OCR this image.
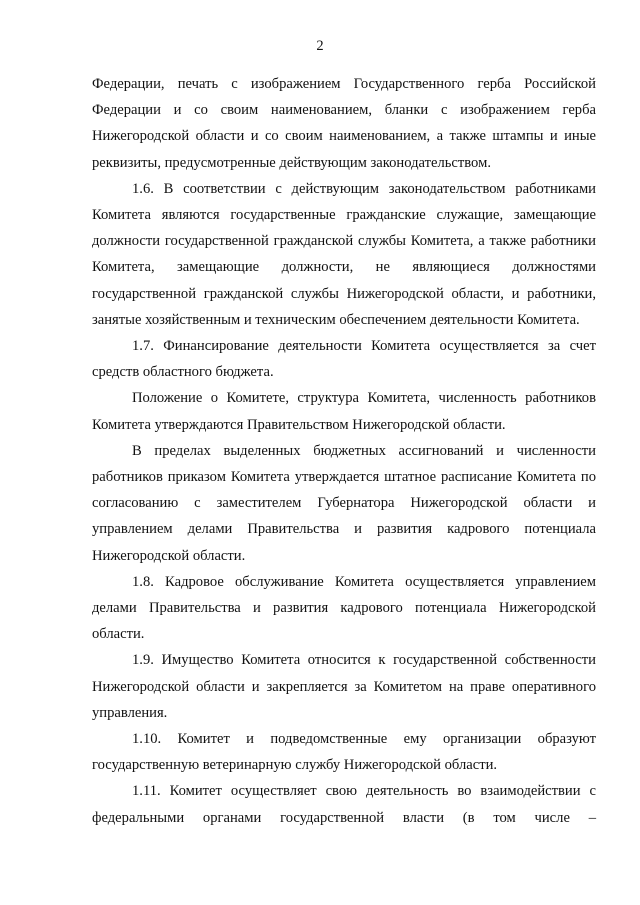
2

Федерации, печать с изображением Государственного герба Российской Федерации и со своим наименованием, бланки с изображением герба Нижегородской области и со своим наименованием, а также штампы и иные реквизиты, предусмотренные действующим законодательством.

1.6. В соответствии с действующим законодательством работниками Комитета являются государственные гражданские служащие, замещающие должности государственной гражданской службы Комитета, а также работники Комитета, замещающие должности, не являющиеся должностями государственной гражданской службы Нижегородской области, и работники, занятые хозяйственным и техническим обеспечением деятельности Комитета.

1.7. Финансирование деятельности Комитета осуществляется за счет средств областного бюджета.

Положение о Комитете, структура Комитета, численность работников Комитета утверждаются Правительством Нижегородской области.

В пределах выделенных бюджетных ассигнований и численности работников приказом Комитета утверждается штатное расписание Комитета по согласованию с заместителем Губернатора Нижегородской области и управлением делами Правительства и развития кадрового потенциала Нижегородской области.

1.8. Кадровое обслуживание Комитета осуществляется управлением делами Правительства и развития кадрового потенциала Нижегородской области.

1.9. Имущество Комитета относится к государственной собственности Нижегородской области и закрепляется за Комитетом на праве оперативного управления.

1.10. Комитет и подведомственные ему организации образуют государственную ветеринарную службу Нижегородской области.

1.11. Комитет осуществляет свою деятельность во взаимодействии с федеральными органами государственной власти (в том числе –
